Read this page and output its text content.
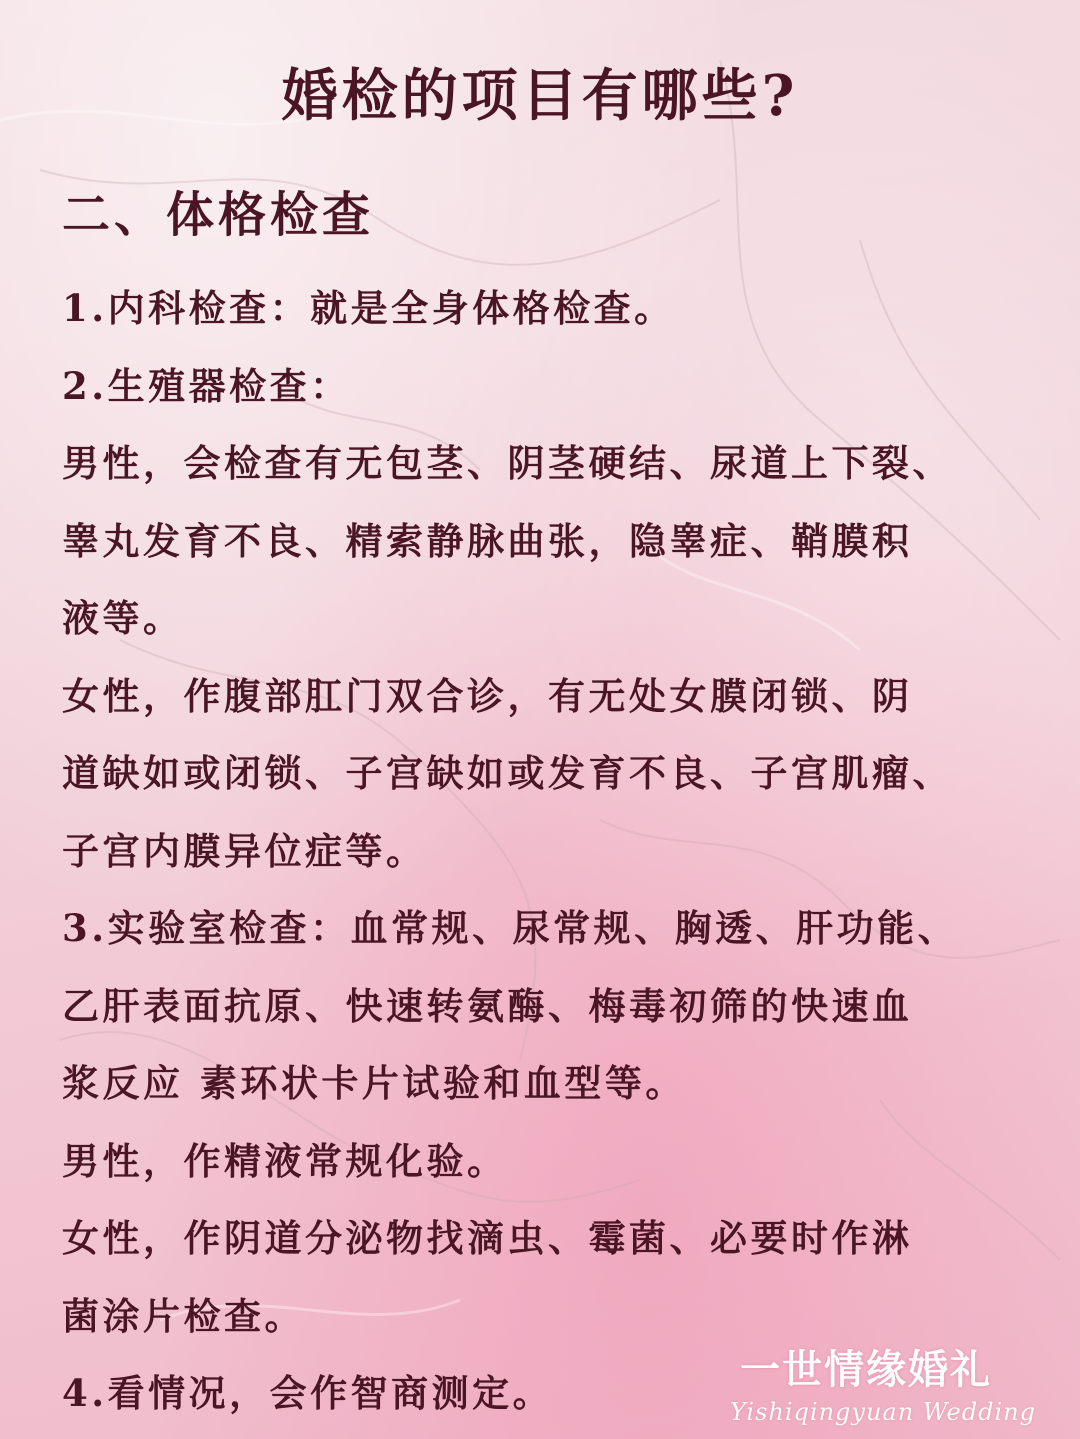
婚检的项目有哪些?
二、体格检查
1.内科检查：就是全身体格检查。
2.生殖器检查：
男性，会检查有无包茎、阴茎硬结、尿道上下裂、
睾丸发育不良、精索静脉曲张，隐睾症、鞘膜积
液等。
女性，作腹部肛门双合诊，有无处女膜闭锁、阴
道缺如或闭锁、子宫缺如或发育不良、子宫肌瘤、
子宫内膜异位症等。
3.实验室检查：血常规、尿常规、胸透、肝功能、
乙肝表面抗原、快速转氨酶、梅毒初筛的快速血
浆反应 素环状卡片试验和血型等。
男性，作精液常规化验。
女性，作阴道分泌物找滴虫、霉菌、必要时作淋
菌涂片检查。
4.看情况，会作智商测定。
一世情缘婚礼
Yishiqingyuan Wedding
